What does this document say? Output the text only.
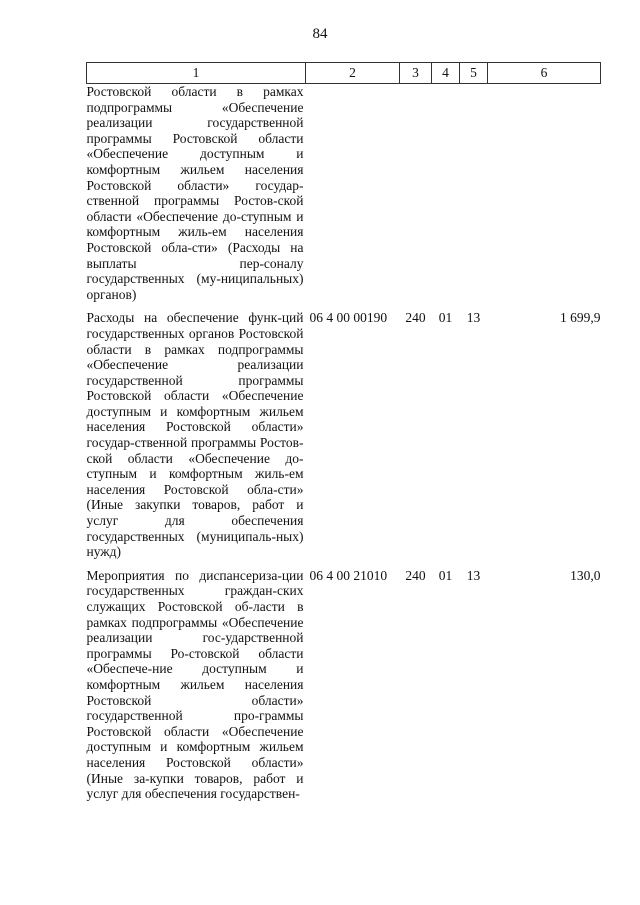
84
1	2	3	4	5	6
Ростовской области в рамках подпрограммы «Обеспечение реализации государственной программы Ростовской области «Обеспечение доступным и комфортным жильем населения Ростовской области» государ-ственной программы Ростов-ской области «Обеспечение до-ступным и комфортным жиль-ем населения Ростовской обла-сти» (Расходы на выплаты пер-соналу государственных (му-ниципальных) органов)					

Расходы на обеспечение функ-ций государственных органов Ростовской области в рамках подпрограммы «Обеспечение реализации государственной программы Ростовской области «Обеспечение доступным и комфортным жильем населения Ростовской области» государ-ственной программы Ростов-ской области «Обеспечение до-ступным и комфортным жиль-ем населения Ростовской обла-сти» (Иные закупки товаров, работ и услуг для обеспечения государственных (муниципаль-ных) нужд)	06 4 00 00190	240	01	13	1 699,9

Мероприятия по диспансериза-ции государственных граждан-ских служащих Ростовской об-ласти в рамках подпрограммы «Обеспечение реализации гос-ударственной программы Ро-стовской области «Обеспече-ние доступным и комфортным жильем населения Ростовской области» государственной про-граммы Ростовской области «Обеспечение доступным и комфортным жильем населения Ростовской области» (Иные за-купки товаров, работ и услуг для обеспечения государствен-	06 4 00 21010	240	01	13	130,0
